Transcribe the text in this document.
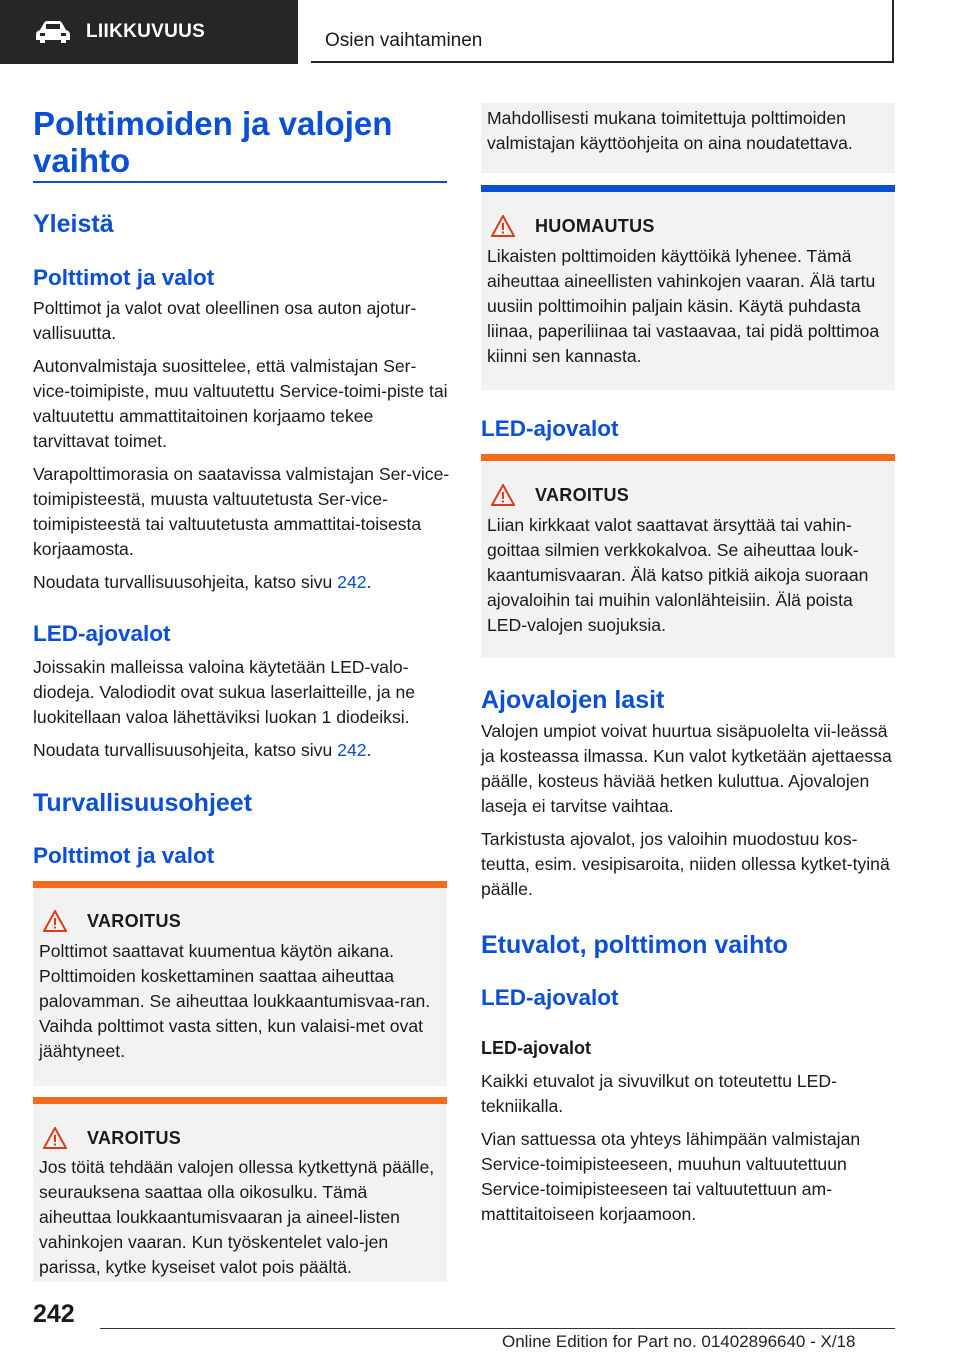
LIIKKUVUUS	Osien vaihtaminen

Polttimoiden ja valojen

vaihto

Yleistä

Polttimot ja valot

Polttimot ja valot ovat oleellinen osa auton ajotur-vallisuutta.

Autonvalmistaja suosittelee, että valmistajan Ser-vice-toimipiste, muu valtuutettu Service-toimi-piste tai valtuutettu ammattitaitoinen korjaamo tekee tarvittavat toimet.

Varapolttimorasia on saatavissa valmistajan Ser-vice-toimipisteestä, muusta valtuutetusta Ser-vice-toimipisteestä tai valtuutetusta ammattitai-toisesta korjaamosta.

Noudata turvallisuusohjeita, katso sivu 242.

LED-ajovalot

Joissakin malleissa valoina käytetään LED-valo-diodeja. Valodiodit ovat sukua laserlaitteille, ja ne luokitellaan valoa lähettäviksi luokan 1 diodeiksi.

Noudata turvallisuusohjeita, katso sivu 242.

Turvallisuusohjeet

Polttimot ja valot

VAROITUS
Polttimot saattavat kuumentua käytön aikana. Polttimoiden koskettaminen saattaa aiheuttaa palovamman. Se aiheuttaa loukkaantumisvaa-ran. Vaihda polttimot vasta sitten, kun valaisi-met ovat jäähtyneet.
VAROITUS
Jos töitä tehdään valojen ollessa kytkettynä päälle, seurauksena saattaa olla oikosulku. Tämä aiheuttaa loukkaantumisvaaran ja aineel-listen vahinkojen vaaran. Kun työskentelet valo-jen parissa, kytke kyseiset valot pois päältä.
Mahdollisesti mukana toimitettuja polttimoiden valmistajan käyttöohjeita on aina noudatettava.
HUOMAUTUS
Likaisten polttimoiden käyttöikä lyhenee. Tämä aiheuttaa aineellisten vahinkojen vaaran. Älä tartu uusiin polttimoihin paljain käsin. Käytä puhdasta liinaa, paperiliinaa tai vastaavaa, tai pidä polttimoa kiinni sen kannasta.

LED-ajovalot

VAROITUS
Liian kirkkaat valot saattavat ärsyttää tai vahin-goittaa silmien verkkokalvoa. Se aiheuttaa louk-kaantumisvaaran. Älä katso pitkiä aikoja suoraan ajovaloihin tai muihin valonlähteisiin. Älä poista LED-valojen suojuksia.

Ajovalojen lasit

Valojen umpiot voivat huurtua sisäpuolelta vii-leässä ja kosteassa ilmassa. Kun valot kytketään ajettaessa päälle, kosteus häviää hetken kuluttua. Ajovalojen laseja ei tarvitse vaihtaa.

Tarkistusta ajovalot, jos valoihin muodostuu kos-teutta, esim. vesipisaroita, niiden ollessa kytket-tyinä päälle.

Etuvalot, polttimon vaihto

LED-ajovalot

LED-ajovalot

Kaikki etuvalot ja sivuvilkut on toteutettu LED-tekniikalla.

Vian sattuessa ota yhteys lähimpään valmistajan Service-toimipisteeseen, muuhun valtuutettuun Service-toimipisteeseen tai valtuutettuun am-mattitaitoiseen korjaamoon.

242
Online Edition for Part no. 01402896640 - X/18
